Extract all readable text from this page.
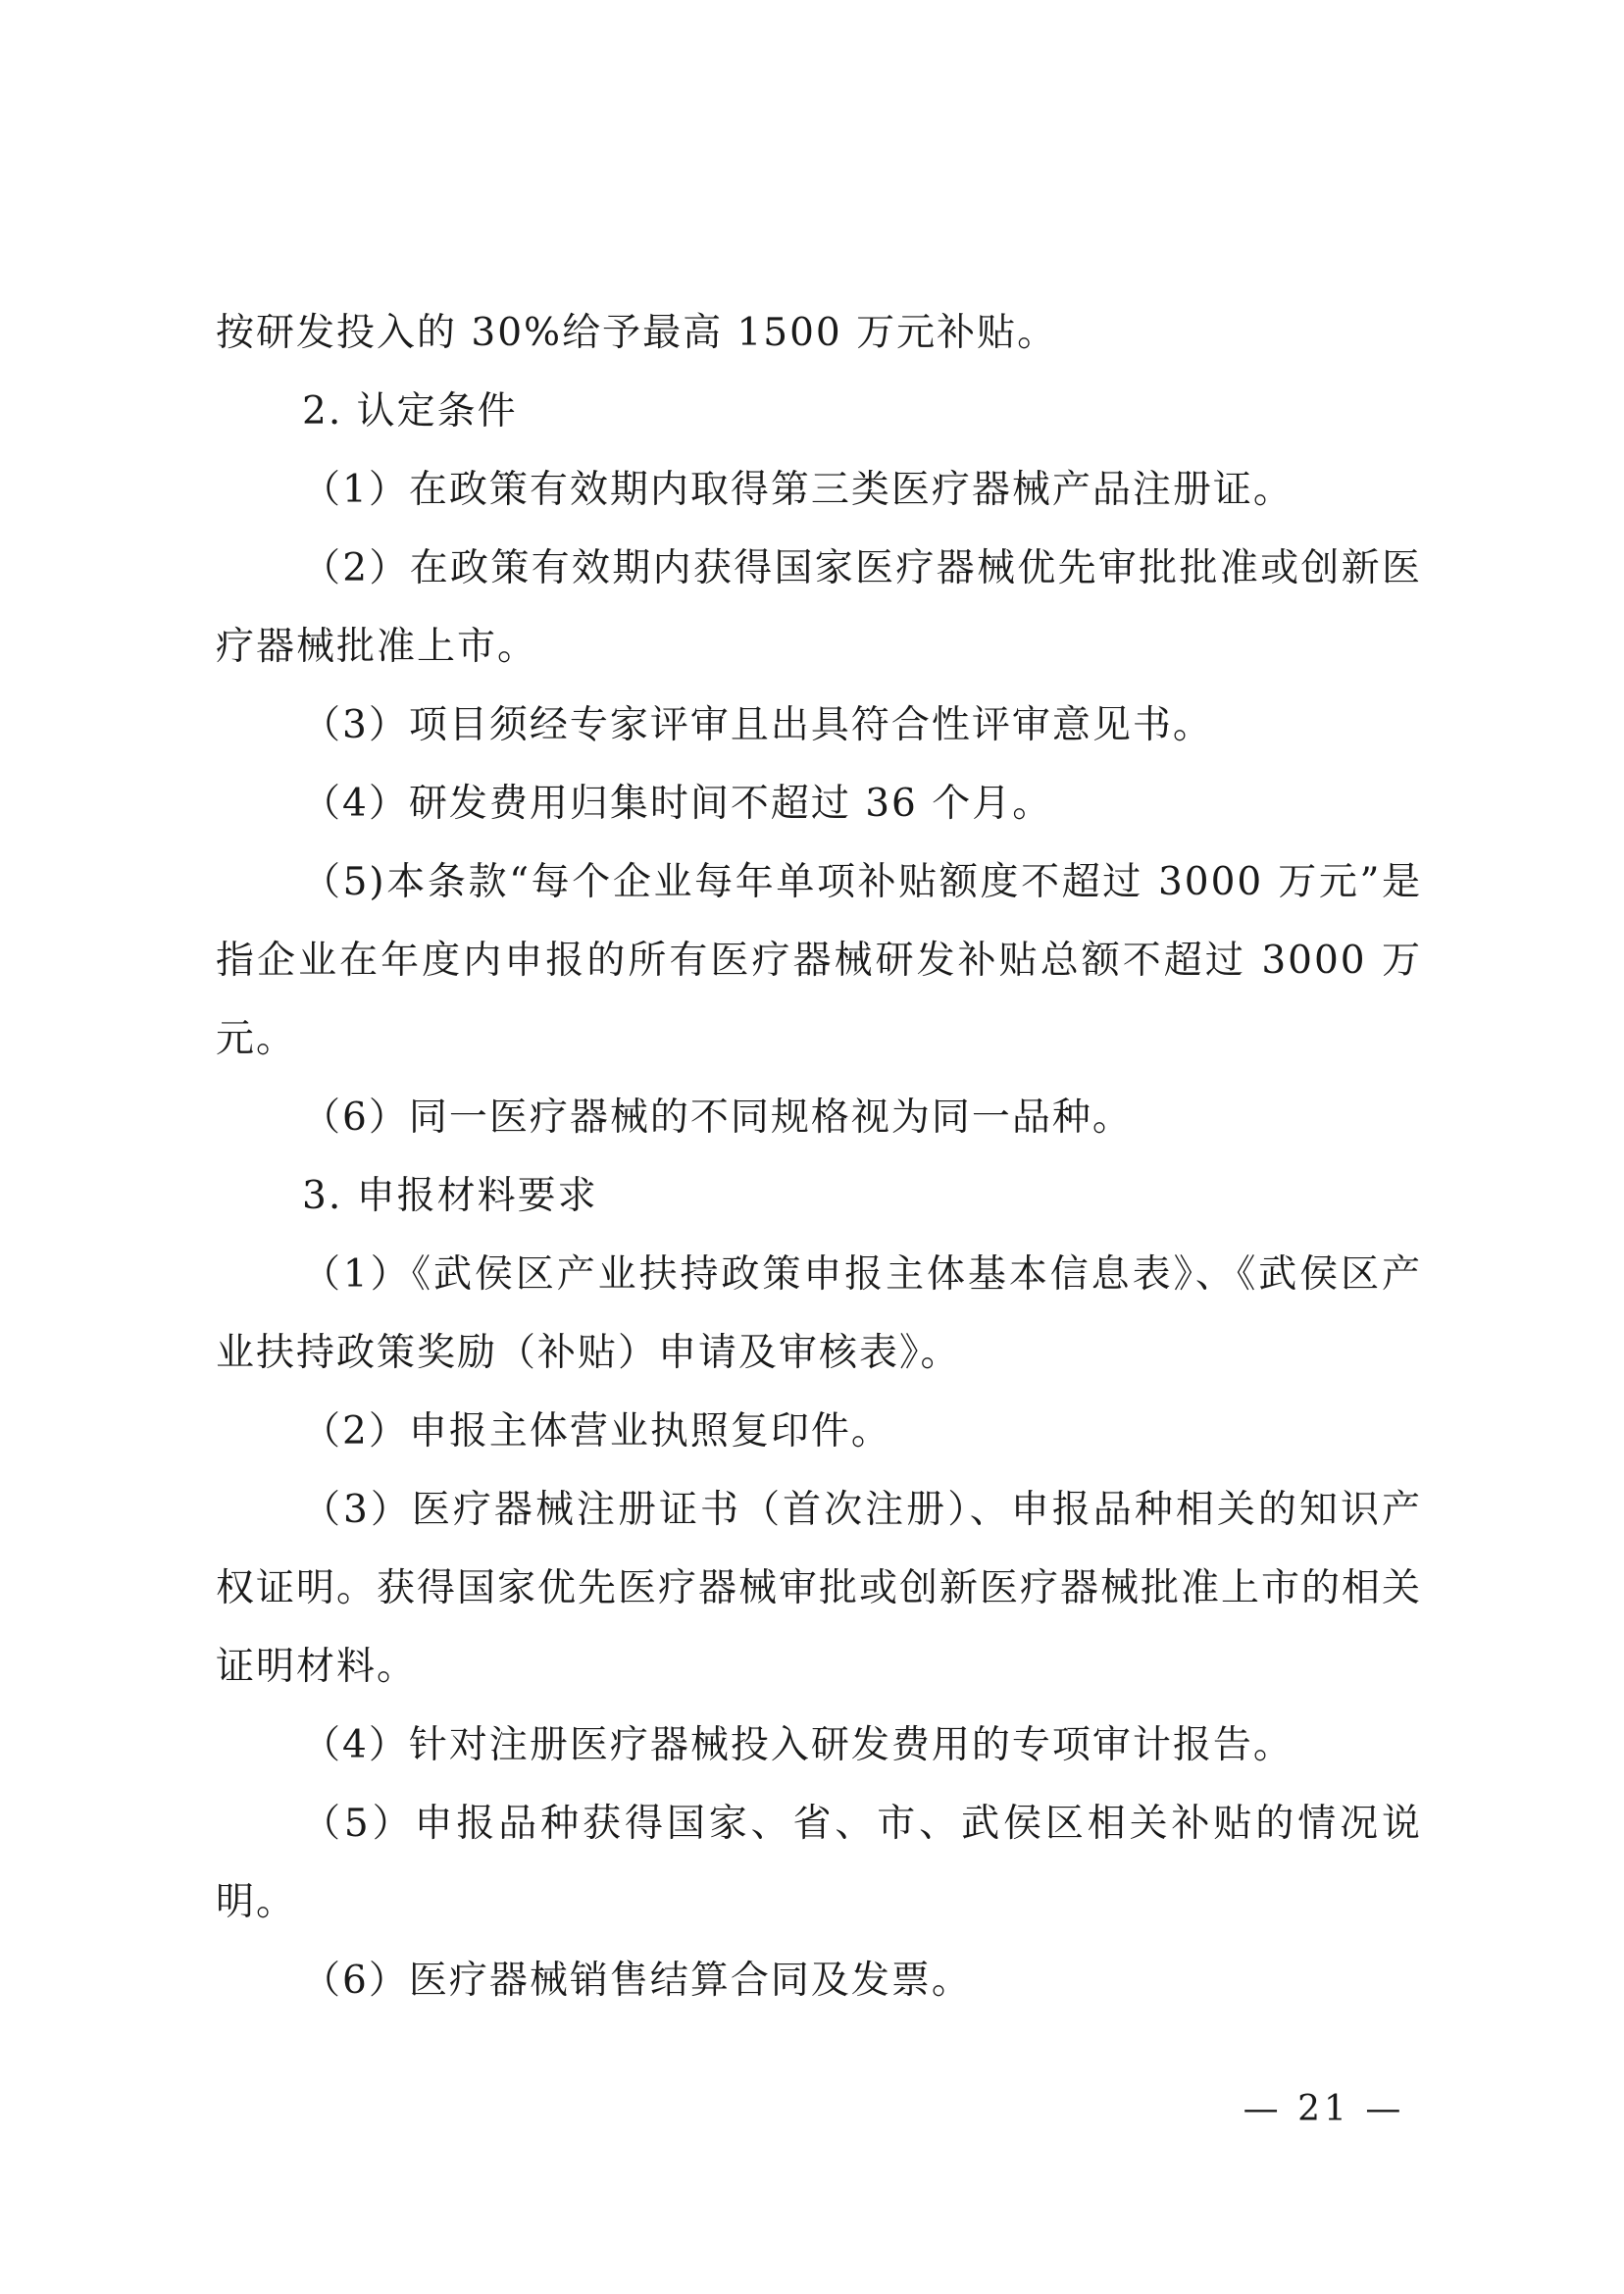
按研发投入的 30%给予最高 1500 万元补贴。

2. 认定条件

（1）在政策有效期内取得第三类医疗器械产品注册证。

（2）在政策有效期内获得国家医疗器械优先审批批准或创新医疗器械批准上市。

（3）项目须经专家评审且出具符合性评审意见书。

（4）研发费用归集时间不超过 36 个月。

（5)本条款“每个企业每年单项补贴额度不超过 3000 万元”是指企业在年度内申报的所有医疗器械研发补贴总额不超过 3000 万元。

（6）同一医疗器械的不同规格视为同一品种。

3. 申报材料要求

（1）《武侯区产业扶持政策申报主体基本信息表》、《武侯区产业扶持政策奖励（补贴）申请及审核表》。

（2）申报主体营业执照复印件。

（3）医疗器械注册证书（首次注册）、申报品种相关的知识产权证明。获得国家优先医疗器械审批或创新医疗器械批准上市的相关证明材料。

（4）针对注册医疗器械投入研发费用的专项审计报告。

（5）申报品种获得国家、省、市、武侯区相关补贴的情况说明。

（6）医疗器械销售结算合同及发票。

— 21 —
